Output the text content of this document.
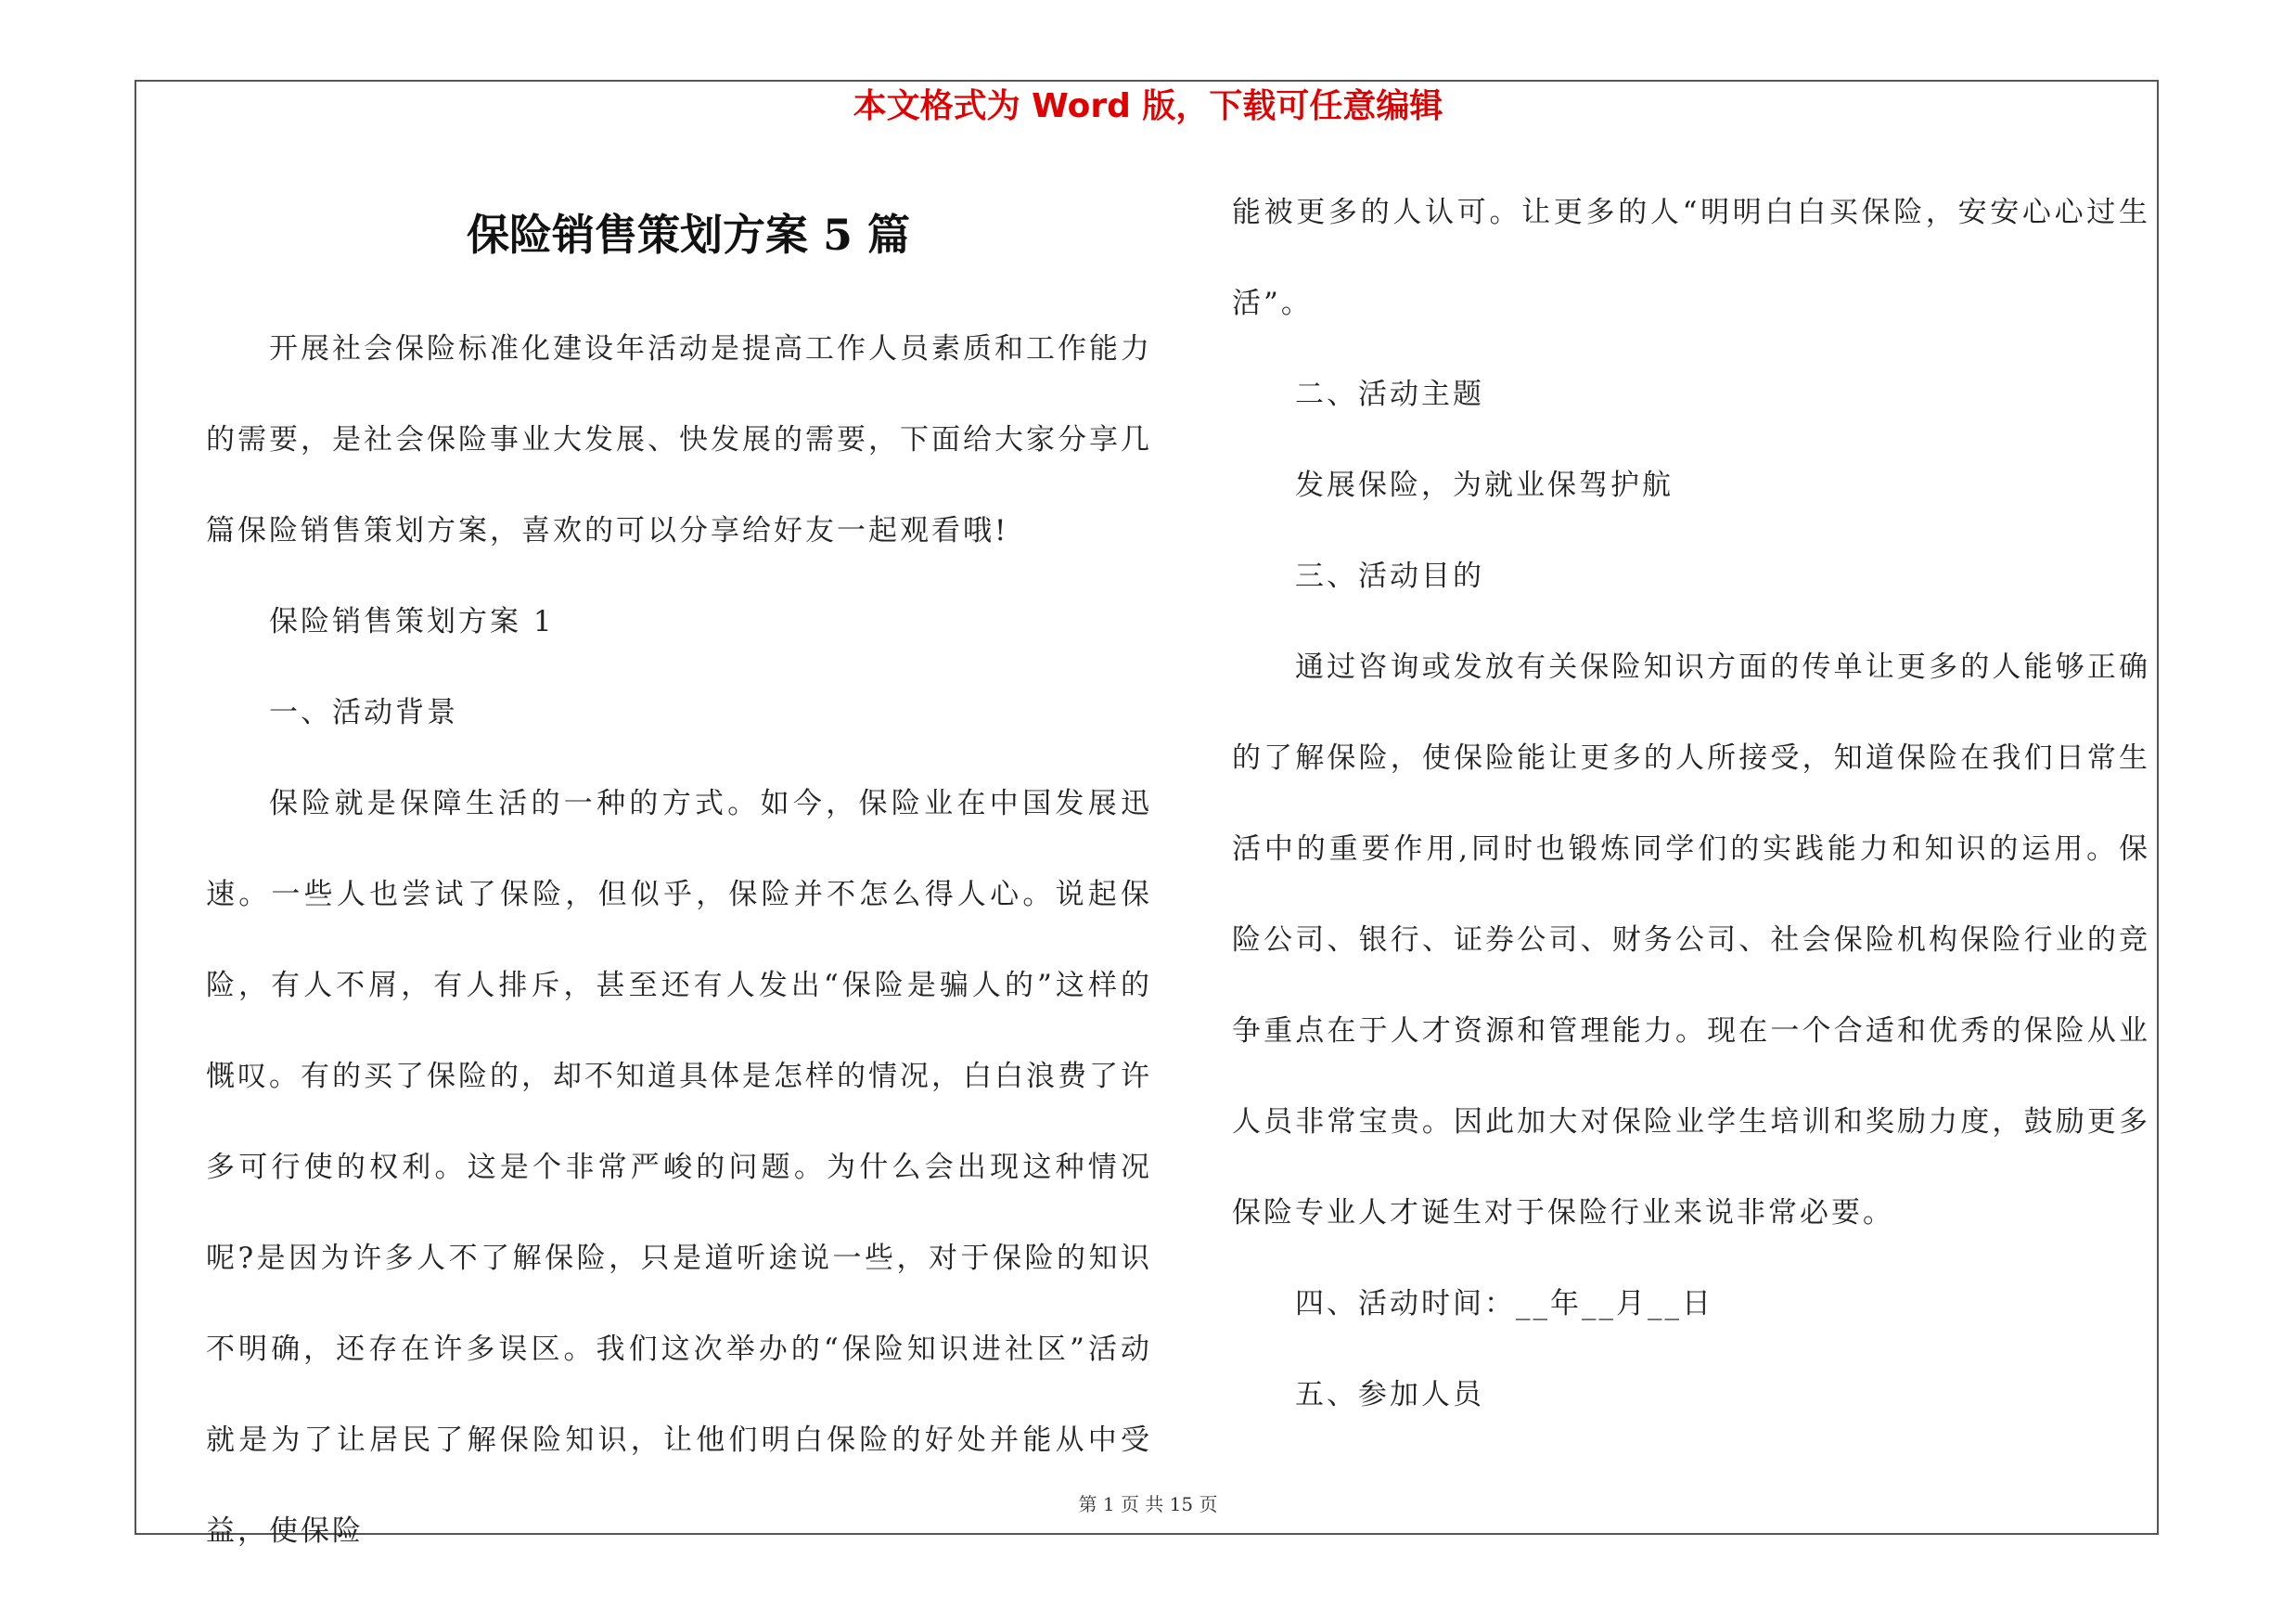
本文格式为 Word 版，下载可任意编辑
保险销售策划方案 5 篇

开展社会保险标准化建设年活动是提高工作人员素质和工作能力的需要，是社会保险事业大发展、快发展的需要，下面给大家分享几篇保险销售策划方案，喜欢的可以分享给好友一起观看哦!

保险销售策划方案 1

一、活动背景

保险就是保障生活的一种的方式。如今，保险业在中国发展迅速。一些人也尝试了保险，但似乎，保险并不怎么得人心。说起保险，有人不屑，有人排斥，甚至还有人发出“保险是骗人的”这样的慨叹。有的买了保险的，却不知道具体是怎样的情况，白白浪费了许多可行使的权利。这是个非常严峻的问题。为什么会出现这种情况呢?是因为许多人不了解保险，只是道听途说一些，对于保险的知识不明确，还存在许多误区。我们这次举办的“保险知识进社区”活动就是为了让居民了解保险知识，让他们明白保险的好处并能从中受益，使保险

能被更多的人认可。让更多的人“明明白白买保险，安安心心过生活”。

二、活动主题

发展保险，为就业保驾护航

三、活动目的

通过咨询或发放有关保险知识方面的传单让更多的人能够正确的了解保险，使保险能让更多的人所接受，知道保险在我们日常生活中的重要作用,同时也锻炼同学们的实践能力和知识的运用。保险公司、银行、证券公司、财务公司、社会保险机构保险行业的竞争重点在于人才资源和管理能力。现在一个合适和优秀的保险从业人员非常宝贵。因此加大对保险业学生培训和奖励力度，鼓励更多保险专业人才诞生对于保险行业来说非常必要。

四、活动时间：__年__月__日

五、参加人员

第 1 页 共 15 页
